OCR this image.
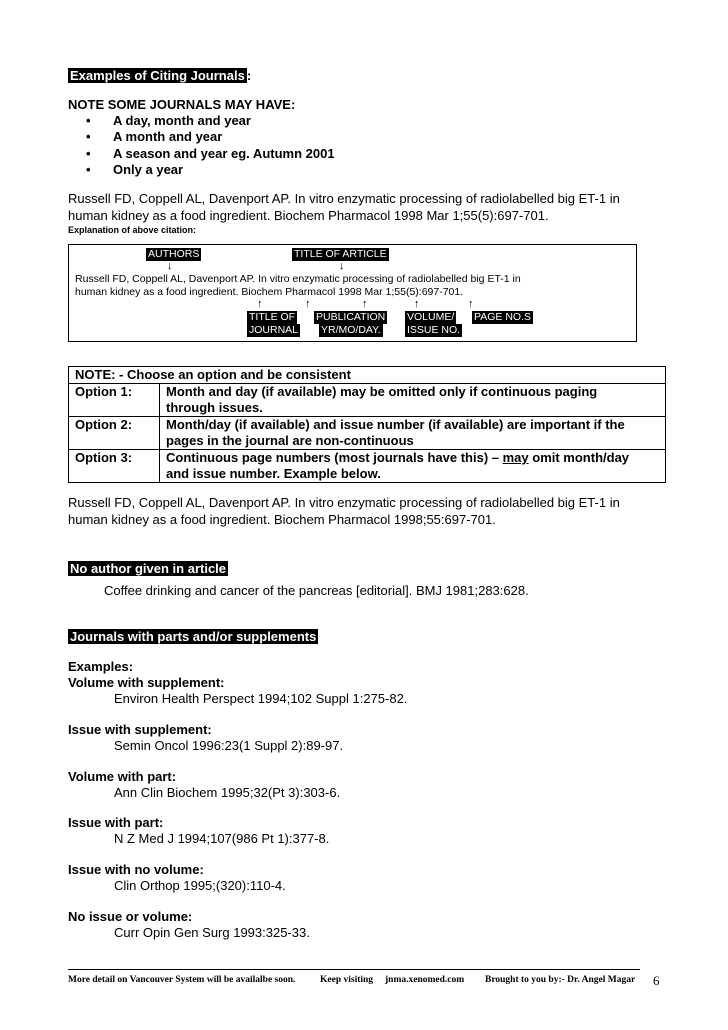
Examples of Citing Journals :
NOTE SOME JOURNALS MAY HAVE:
• A day, month and year
• A month and year
• A season and year eg. Autumn 2001
• Only a year
Russell FD, Coppell AL, Davenport AP. In vitro enzymatic processing of radiolabelled big ET-1 in
human kidney as a food ingredient. Biochem Pharmacol 1998 Mar 1;55(5):697-701.
Explanation of above citation:
AUTHORS	TITLE OF ARTICLE
↓	↓
Russell FD, Coppell AL, Davenport AP. In vitro enzymatic processing of radiolabelled big ET-1 in
human kidney as a food ingredient. Biochem Pharmacol 1998 Mar 1;55(5):697-701.
↑	↑	↑	↑	↑
TITLE OF
JOURNAL
PUBLICATION
YR/MO/DAY.
VOLUME/
ISSUE NO.
PAGE NO.S
NOTE: - Choose an option and be consistent	
Option 1:	Month and day (if available) may be omitted only if continuous paging
through issues.

Option 2:	Month/day (if available) and issue number (if available) are important if the
pages in the journal are non-continuous

Option 3:	Continuous page numbers (most journals have this) – may omit month/day
and issue number. Example below.
Russell FD, Coppell AL, Davenport AP. In vitro enzymatic processing of radiolabelled big ET-1 in
human kidney as a food ingredient. Biochem Pharmacol 1998;55:697-701.
No author given in article
Coffee drinking and cancer of the pancreas [editorial]. BMJ 1981;283:628.
Journals with parts and/or supplements
Examples:
Volume with supplement:
Environ Health Perspect 1994;102 Suppl 1:275-82.
Issue with supplement:
Semin Oncol 1996:23(1 Suppl 2):89-97.
Volume with part:
Ann Clin Biochem 1995;32(Pt 3):303-6.
Issue with part:
N Z Med J 1994;107(986 Pt 1):377-8.
Issue with no volume:
Clin Orthop 1995;(320):110-4.
No issue or volume:
Curr Opin Gen Surg 1993:325-33.
More detail on Vancouver System will be availalbe soon.	Keep visiting jnma.xenomed.com Brought to you by:- Dr. Angel Magar 6
